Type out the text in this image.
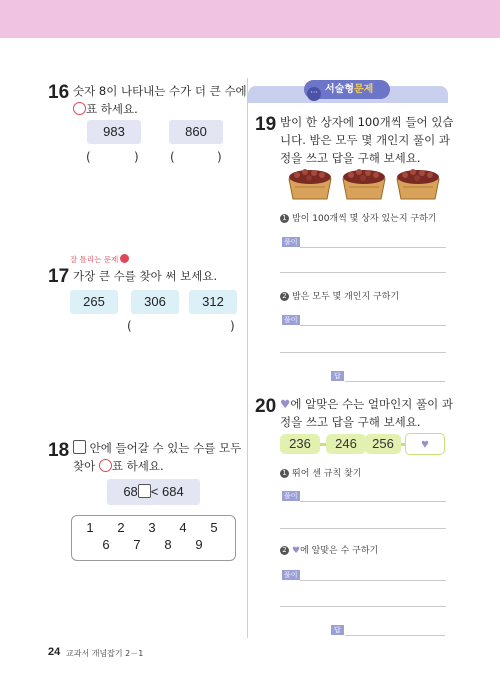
16 숫자 8이 나타내는 수가 더 큰 수에
표 하세요.
983	860
(	)	(	)
잘 틀리는 문제
17 가장 큰 수를 찾아 써 보세요.
265	306	312
(	)
18	안에 들어갈 수 있는 수를 모두
찾아 ○표 하세요.
68 < 684
1 2 3 4 5
6 7 8 9
··· 서술형문제
19 밤이 한 상자에 100개씩 들어 있습
니다. 밤은 모두 몇 개인지 풀이 과
정을 쓰고 답을 구해 보세요.
1 밤이 100개씩 몇 상자 있는지 구하기
풀이
2 밤은 모두 몇 개인지 구하기
풀이
답
20 ♥에 알맞은 수는 얼마인지 풀이 과
정을 쓰고 답을 구해 보세요.
236	246	256	♥
1 뛰어 센 규칙 찾기
풀이
2 ♥에 알맞은 수 구하기
풀이
답
24 교과서 개념잡기 2－1
